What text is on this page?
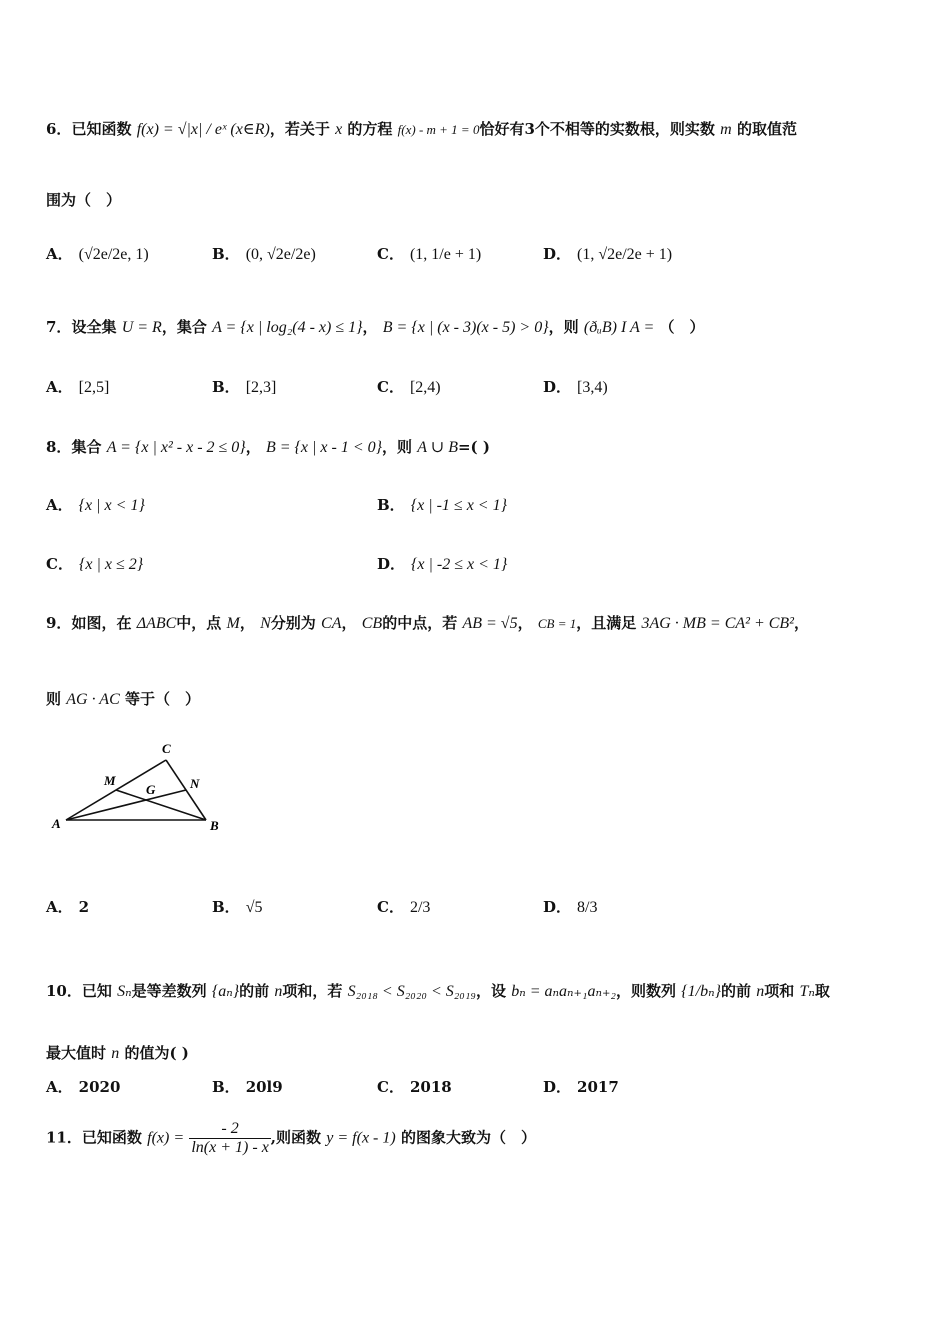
6．已知函数 f(x) = √|x| / eˣ (x∈R)，若关于 x 的方程 f(x) - m + 1 = 0恰好有3个不相等的实数根，则实数 m 的取值范
围为（　）
A． (√2e/2e, 1)	B． (0, √2e/2e)	C． (1, 1/e + 1)	D． (1, √2e/2e + 1)
7．设全集 U = R，集合 A = {x | log₂(4 - x) ≤ 1}， B = {x | (x - 3)(x - 5) > 0}，则 (ðᵤB) I A = （　）
A． [2,5]	B． [2,3]	C． [2,4)	D． [3,4)
8．集合 A = {x | x² - x - 2 ≤ 0}， B = {x | x - 1 < 0}，则 A ∪ B=( )
A． {x | x < 1}	B． {x | -1 ≤ x < 1}
C． {x | x ≤ 2}	D． {x | -2 ≤ x < 1}
9．如图，在 ΔABC中，点 M， N分别为 CA， CB的中点，若 AB = √5， CB = 1，且满足 3AG · MB = CA² + CB²，
则 AG · AC 等于（　）
A	B
C
M	N
G
A． 2	B． √5	C． 2/3	D． 8/3
10．已知 Sₙ是等差数列 {aₙ}的前 n项和，若 S₂₀₁₈ < S₂₀₂₀ < S₂₀₁₉，设 bₙ = aₙaₙ₊₁aₙ₊₂，则数列 {1/bₙ}的前 n项和 Tₙ取
最大值时 n 的值为( )
A． 2020	B． 20l9	C． 2018	D． 2017
11．已知函数 $f(x) = \frac{- 2}{\ln(x + 1) - x}$ ,则函数 y = f(x - 1) 的图象大致为（　）
